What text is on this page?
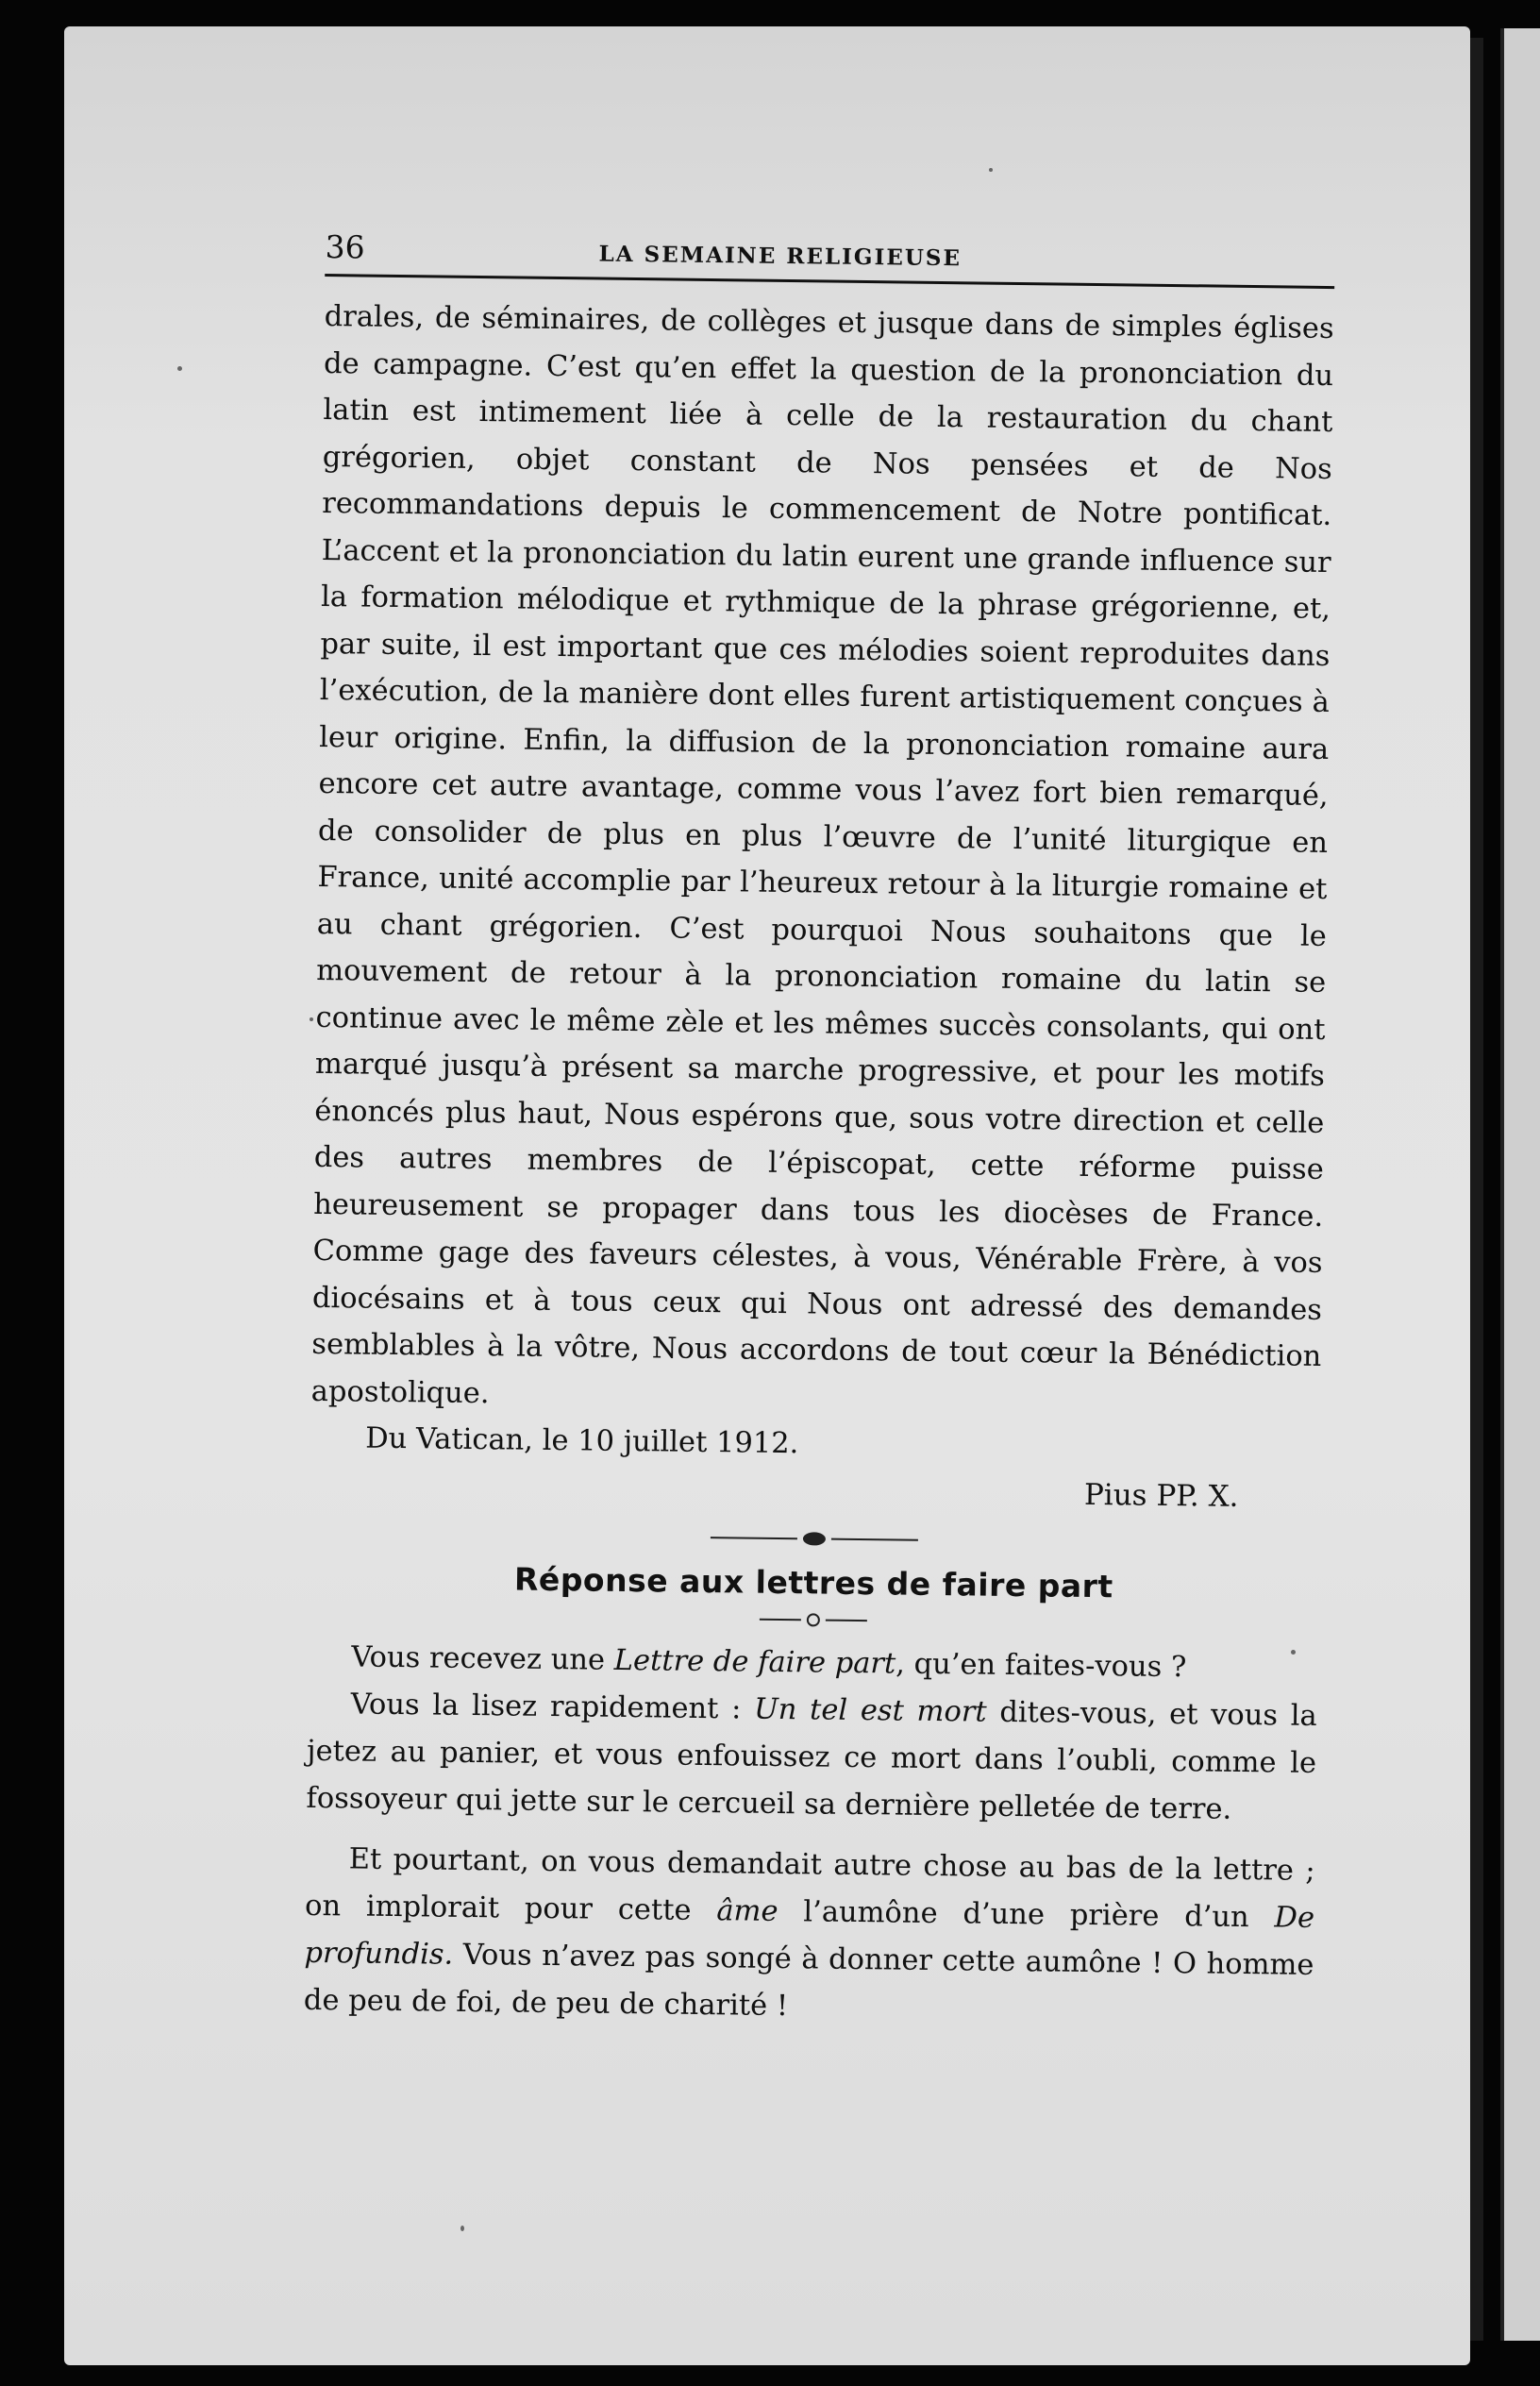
36	LA SEMAINE RELIGIEUSE

drales, de séminaires, de collèges et jusque dans de simples églises de campagne. C’est qu’en effet la question de la prononciation du latin est intimement liée à celle de la restauration du chant grégorien, objet constant de Nos pensées et de Nos recommandations depuis le commencement de Notre pontificat. L’accent et la prononciation du latin eurent une grande influence sur la formation mélodique et rythmique de la phrase grégorienne, et, par suite, il est important que ces mélodies soient reproduites dans l’exécution, de la manière dont elles furent artistiquement conçues à leur origine. Enfin, la diffusion de la prononciation romaine aura encore cet autre avantage, comme vous l’avez fort bien remarqué, de consolider de plus en plus l’œuvre de l’unité liturgique en France, unité accomplie par l’heureux retour à la liturgie romaine et au chant grégorien. C’est pourquoi Nous souhaitons que le mouvement de retour à la prononciation romaine du latin se continue avec le même zèle et les mêmes succès consolants, qui ont marqué jusqu’à présent sa marche progressive, et pour les motifs énoncés plus haut, Nous espérons que, sous votre direction et celle des autres membres de l’épiscopat, cette réforme puisse heureusement se propager dans tous les diocèses de France. Comme gage des faveurs célestes, à vous, Vénérable Frère, à vos diocésains et à tous ceux qui Nous ont adressé des demandes semblables à la vôtre, Nous accordons de tout cœur la Bénédiction apostolique.

Du Vatican, le 10 juillet 1912.

Pius PP. X.

Réponse aux lettres de faire part

Vous recevez une Lettre de faire part, qu’en faites-vous ?

Vous la lisez rapidement : Un tel est mort dites-vous, et vous la jetez au panier, et vous enfouissez ce mort dans l’oubli, comme le fossoyeur qui jette sur le cercueil sa dernière pelletée de terre.

Et pourtant, on vous demandait autre chose au bas de la lettre ; on implorait pour cette âme l’aumône d’une prière d’un De profundis. Vous n’avez pas songé à donner cette aumône ! O homme de peu de foi, de peu de charité !
